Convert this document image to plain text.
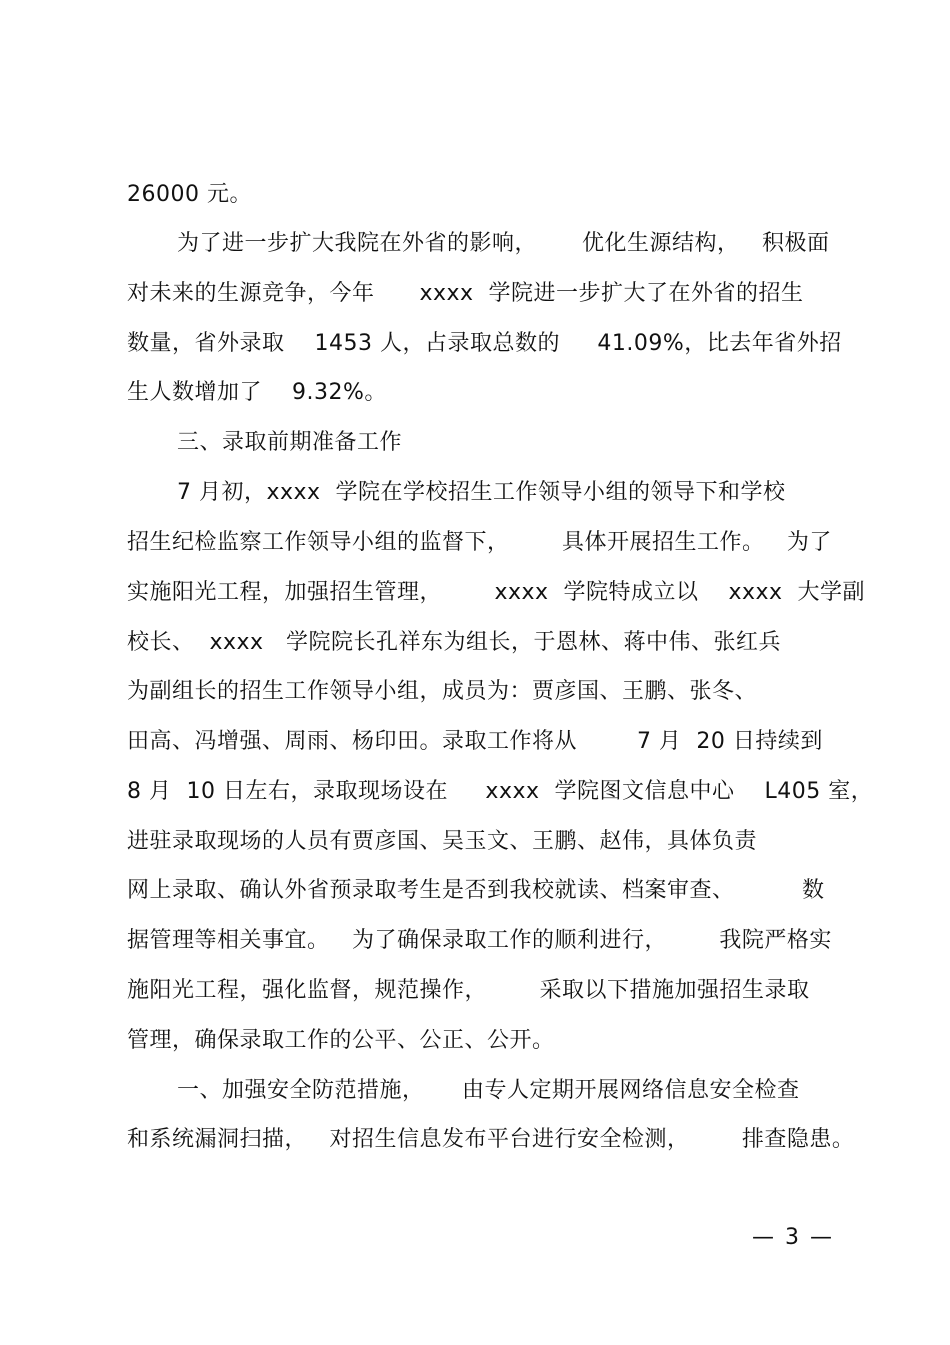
26000 元。
为了进一步扩大我院在外省的影响，      优化生源结构，   积极面
对未来的生源竞争，今年      xxxx  学院进一步扩大了在外省的招生
数量，省外录取    1453 人，占录取总数的     41.09%，比去年省外招
生人数增加了    9.32%。
三、录取前期准备工作
7 月初，xxxx  学院在学校招生工作领导小组的领导下和学校
招生纪检监察工作领导小组的监督下，       具体开展招生工作。   为了
实施阳光工程，加强招生管理，       xxxx  学院特成立以    xxxx  大学副
校长、  xxxx   学院院长孔祥东为组长，于恩林、蒋中伟、张红兵
为副组长的招生工作领导小组，成员为：贾彦国、王鹏、张冬、
田高、冯增强、周雨、杨印田。录取工作将从        7 月  20 日持续到
8 月  10 日左右，录取现场设在     xxxx  学院图文信息中心    L405 室，
进驻录取现场的人员有贾彦国、吴玉文、王鹏、赵伟，具体负责
网上录取、确认外省预录取考生是否到我校就读、档案审查、         数
据管理等相关事宜。   为了确保录取工作的顺利进行，       我院严格实
施阳光工程，强化监督，规范操作，       采取以下措施加强招生录取
管理，确保录取工作的公平、公正、公开。
一、加强安全防范措施，     由专人定期开展网络信息安全检查
和系统漏洞扫描，   对招生信息发布平台进行安全检测，       排查隐患。
— 3 —
